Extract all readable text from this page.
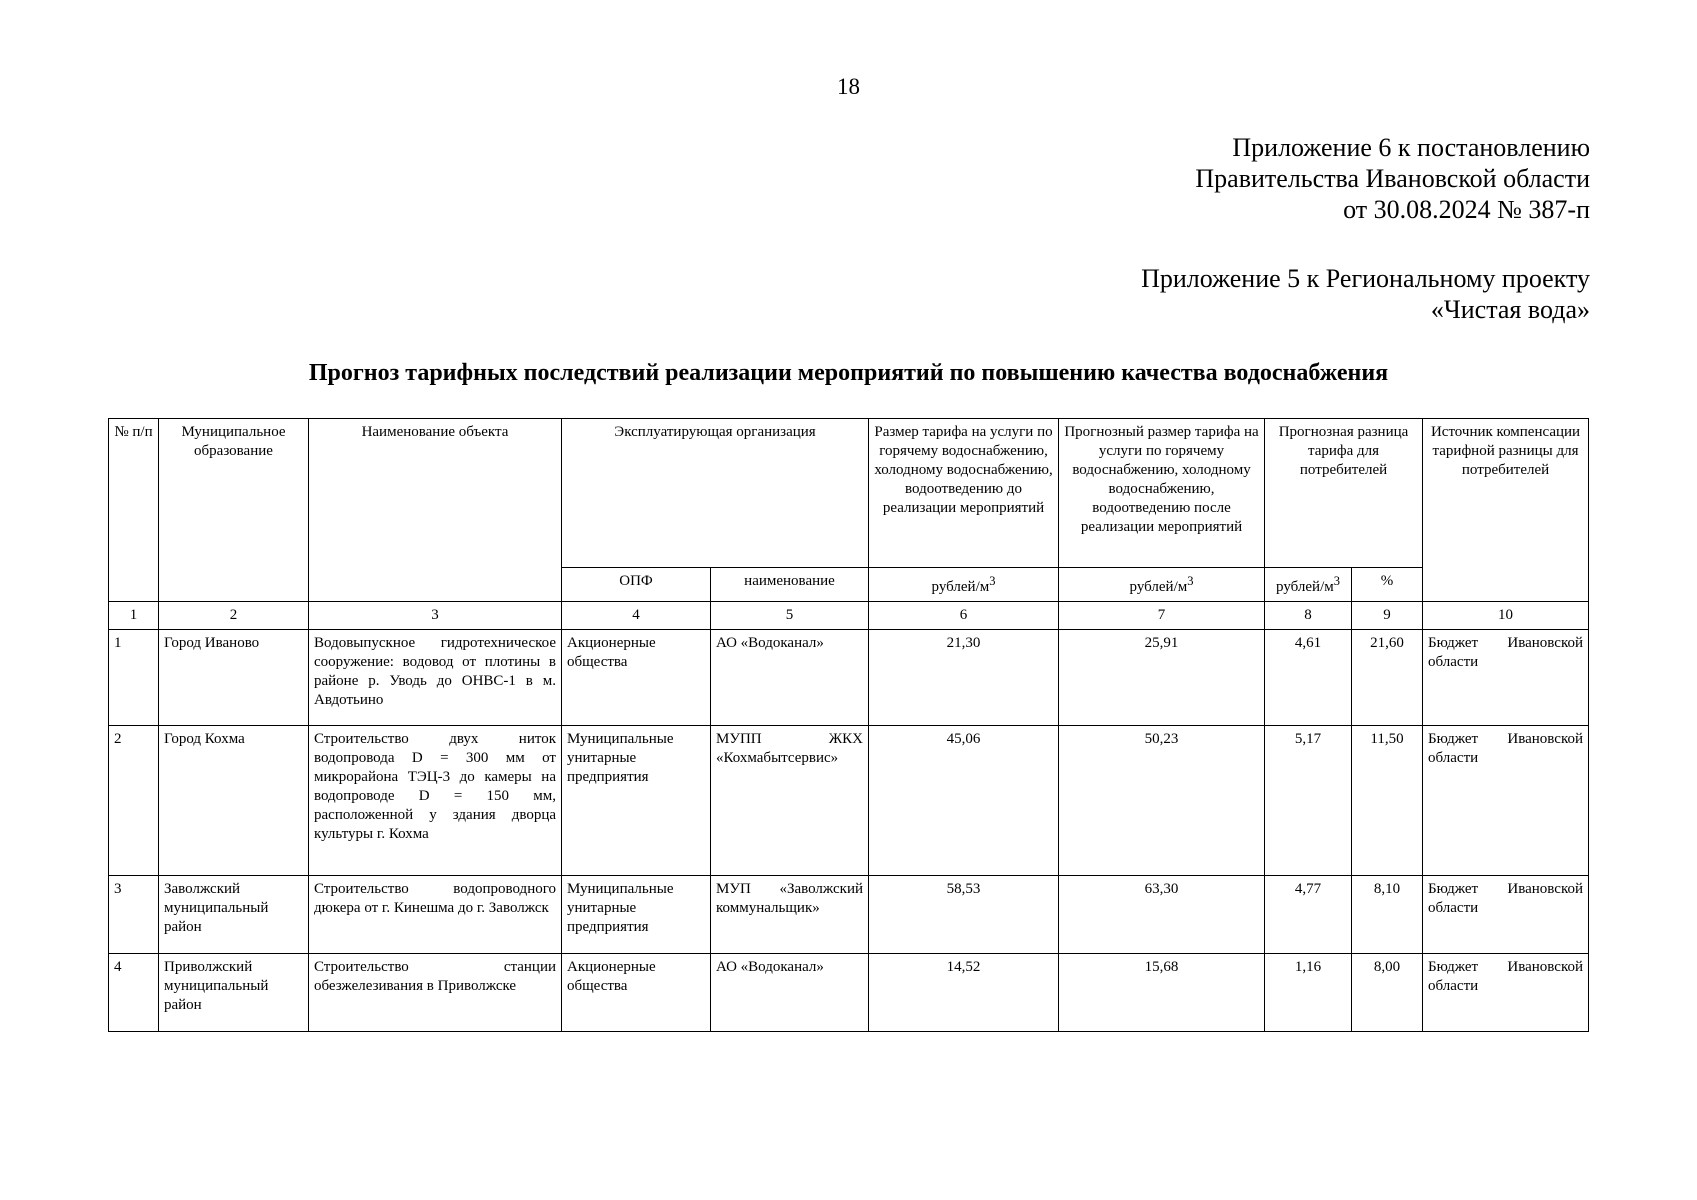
18
Приложение 6 к постановлению
Правительства Ивановской области
от 30.08.2024 № 387-п
Приложение 5 к Региональному проекту
«Чистая вода»
Прогноз тарифных последствий реализации мероприятий по повышению качества водоснабжения
№ п/п	Муниципальное образование	Наименование объекта	Эксплуатирующая организация		Размер тарифа на услуги по горячему водоснабжению, холодному водоснабжению, водоотведению до реализации мероприятий	Прогнозный размер тарифа на услуги по горячему водоснабжению, холодному водоснабжению, водоотведению после реализации мероприятий	Прогнозная разница тарифа для потребителей		Источник компенсации тарифной разницы для потребителей
			ОПФ	наименование	рублей/$м^3$	рублей/$м^3$	рублей/$м^3$	%	
1	2	3	4	5	6	7	8	9	10
1	Город Иваново	Водовыпускное гидротехническое сооружение: водовод от плотины в районе р. Уводь до ОНВС-1 в м. Авдотьино	Акционерные общества	АО «Водоканал»	21,30	25,91	4,61	21,60	Бюджет Ивановской области
2	Город Кохма	Строительство двух ниток водопровода D = 300 мм от микрорайона ТЭЦ-3 до камеры на водопроводе D = 150 мм, расположенной у здания дворца культуры г. Кохма	Муниципальные унитарные предприятия	МУПП ЖКХ «Кохмабытсервис»	45,06	50,23	5,17	11,50	Бюджет Ивановской области
3	Заволжский муниципальный район	Строительство водопроводного дюкера от г. Кинешма до г. Заволжск	Муниципальные унитарные предприятия	МУП «Заволжский коммунальщик»	58,53	63,30	4,77	8,10	Бюджет Ивановской области
4	Приволжский муниципальный район	Строительство станции обезжелезивания в Приволжске	Акционерные общества	АО «Водоканал»	14,52	15,68	1,16	8,00	Бюджет Ивановской области
